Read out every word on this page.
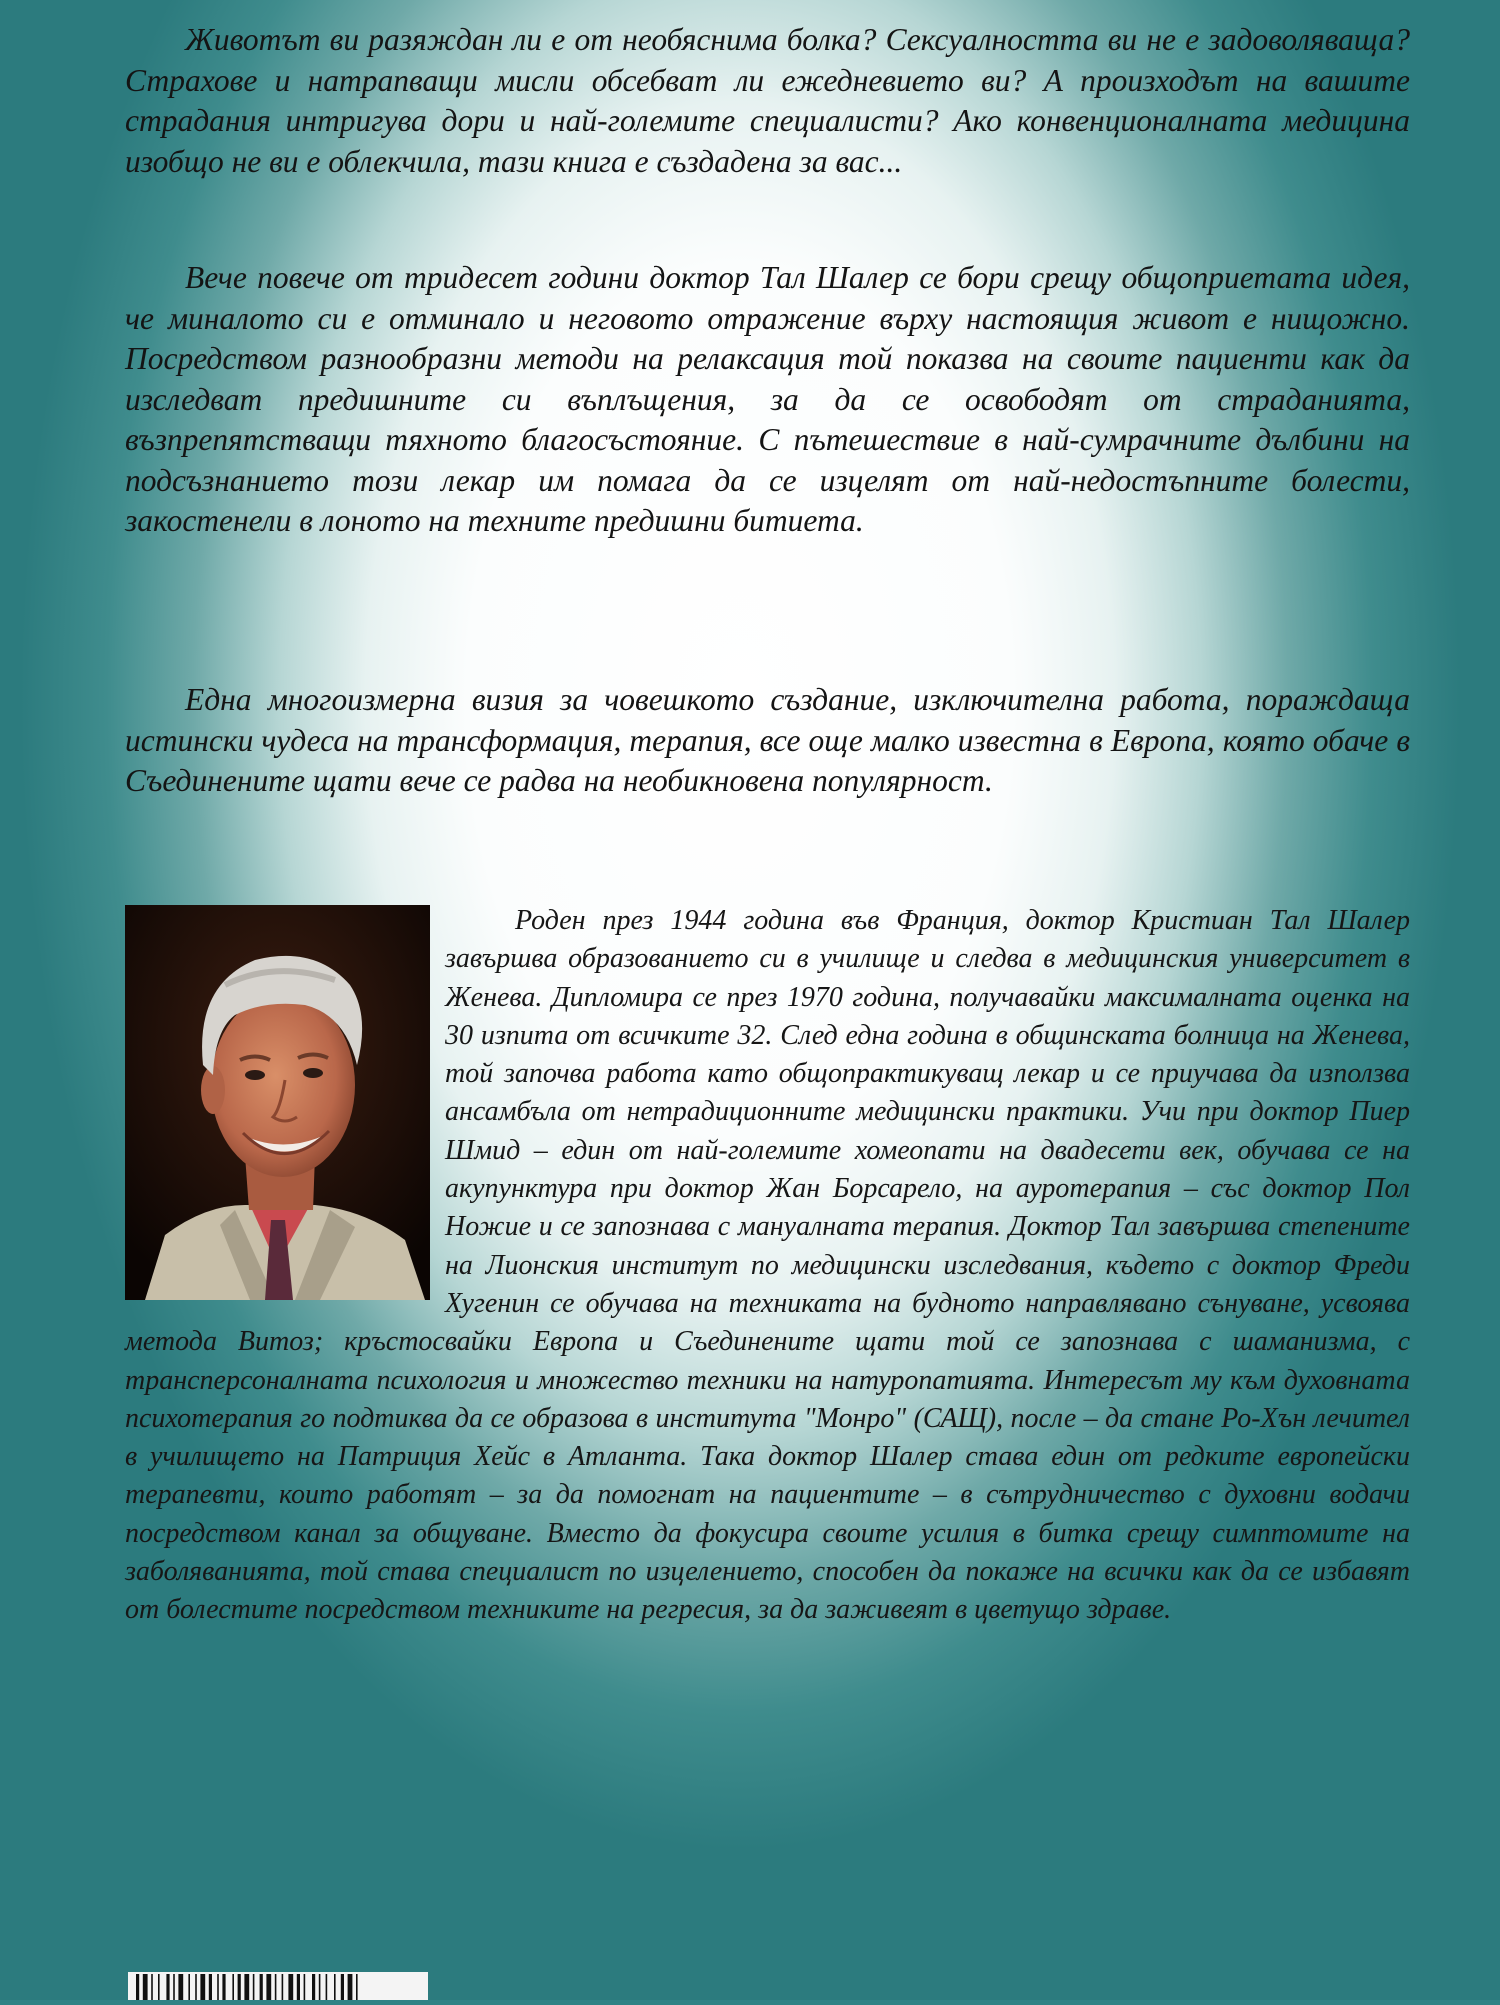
Животът ви разяждан ли е от необяснима болка? Сексуалността ви не е задоволяваща? Страхове и натрапващи мисли обсебват ли ежедневието ви? А произходът на вашите страдания интригува дори и най-големите специалисти? Ако конвенционалната медицина изобщо не ви е облекчила, тази книга е създадена за вас...

Вече повече от тридесет години доктор Тал Шалер се бори срещу общоприетата идея, че миналото си е отминало и неговото отражение върху настоящия живот е нищожно. Посредством разнообразни методи на релаксация той показва на своите пациенти как да изследват предишните си въплъщения, за да се освободят от страданията, възпрепятстващи тяхното благосъстояние. С пътешествие в най-сумрачните дълбини на подсъзнанието този лекар им помага да се изцелят от най-недостъпните болести, закостенели в лоното на техните предишни битиета.

Една многоизмерна визия за човешкото създание, изключителна работа, пораждаща истински чудеса на трансформация, терапия, все още малко известна в Европа, която обаче в Съединените щати вече се радва на необикновена популярност.

Роден през 1944 година във Франция, доктор Кристиан Тал Шалер завършва образованието си в училище и следва в медицинския университет в Женева. Дипломира се през 1970 година, получавайки максималната оценка на 30 изпита от всичките 32. След една година в общинската болница на Женева, той започва работа като общопрактикуващ лекар и се приучава да използва ансамбъла от нетрадиционните медицински практики. Учи при доктор Пиер Шмид – един от най-големите хомеопати на двадесети век, обучава се на акупунктура при доктор Жан Борсарело, на ауротерапия – със доктор Пол Ножие и се запознава с мануалната терапия. Доктор Тал завършва степените на Лионския институт по медицински изследвания, където с доктор Фреди Хугенин се обучава на техниката на будното направлявано сънуване, усвоява метода Витоз; кръстосвайки Европа и Съединените щати той се запознава с шаманизма, с трансперсоналната психология и множество техники на натуропатията. Интересът му към духовната психотерапия го подтиква да се образова в института "Монро" (САЩ), после – да стане Ро-Хън лечител в училището на Патриция Хейс в Атланта. Така доктор Шалер става един от редките европейски терапевти, които работят – за да помогнат на пациентите – в сътрудничество с духовни водачи посредством канал за общуване. Вместо да фокусира своите усилия в битка срещу симптомите на заболяванията, той става специалист по изцелението, способен да покаже на всички как да се избавят от болестите посредством техниките на регресия, за да заживеят в цветущо здраве.
